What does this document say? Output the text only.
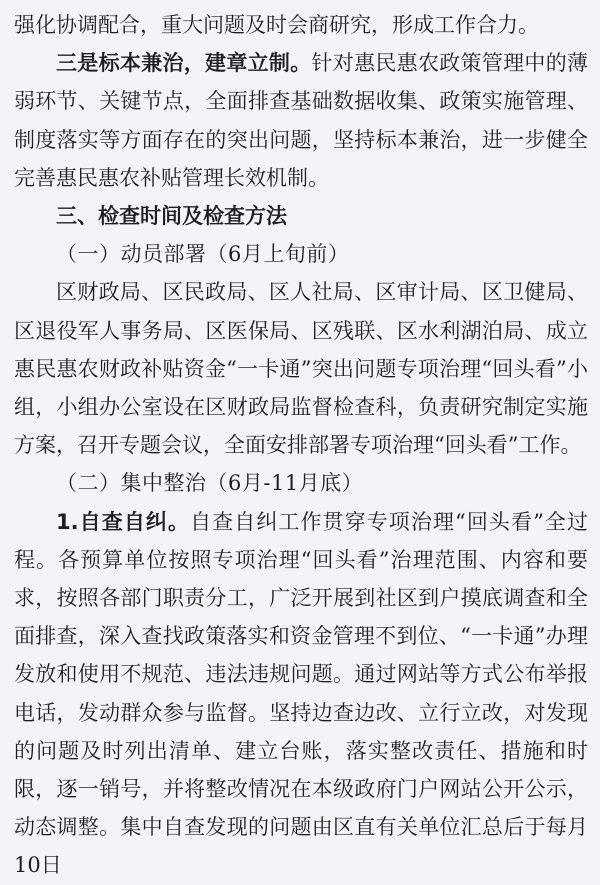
强化协调配合，重大问题及时会商研究，形成工作合力。

三是标本兼治，建章立制。针对惠民惠农政策管理中的薄弱环节、关键节点，全面排查基础数据收集、政策实施管理、制度落实等方面存在的突出问题，坚持标本兼治，进一步健全完善惠民惠农补贴管理长效机制。

三、检查时间及检查方法

（一）动员部署（6月上旬前）

区财政局、区民政局、区人社局、区审计局、区卫健局、区退役军人事务局、区医保局、区残联、区水利湖泊局、成立惠民惠农财政补贴资金“一卡通”突出问题专项治理“回头看”小组，小组办公室设在区财政局监督检查科，负责研究制定实施方案，召开专题会议，全面安排部署专项治理“回头看”工作。

（二）集中整治（6月-11月底）

1.自查自纠。自查自纠工作贯穿专项治理“回头看”全过程。各预算单位按照专项治理“回头看”治理范围、内容和要求，按照各部门职责分工，广泛开展到社区到户摸底调查和全面排查，深入查找政策落实和资金管理不到位、“一卡通”办理发放和使用不规范、违法违规问题。通过网站等方式公布举报电话，发动群众参与监督。坚持边查边改、立行立改，对发现的问题及时列出清单、建立台账，落实整改责任、措施和时限，逐一销号，并将整改情况在本级政府门户网站公开公示，动态调整。集中自查发现的问题由区直有关单位汇总后于每月10日
